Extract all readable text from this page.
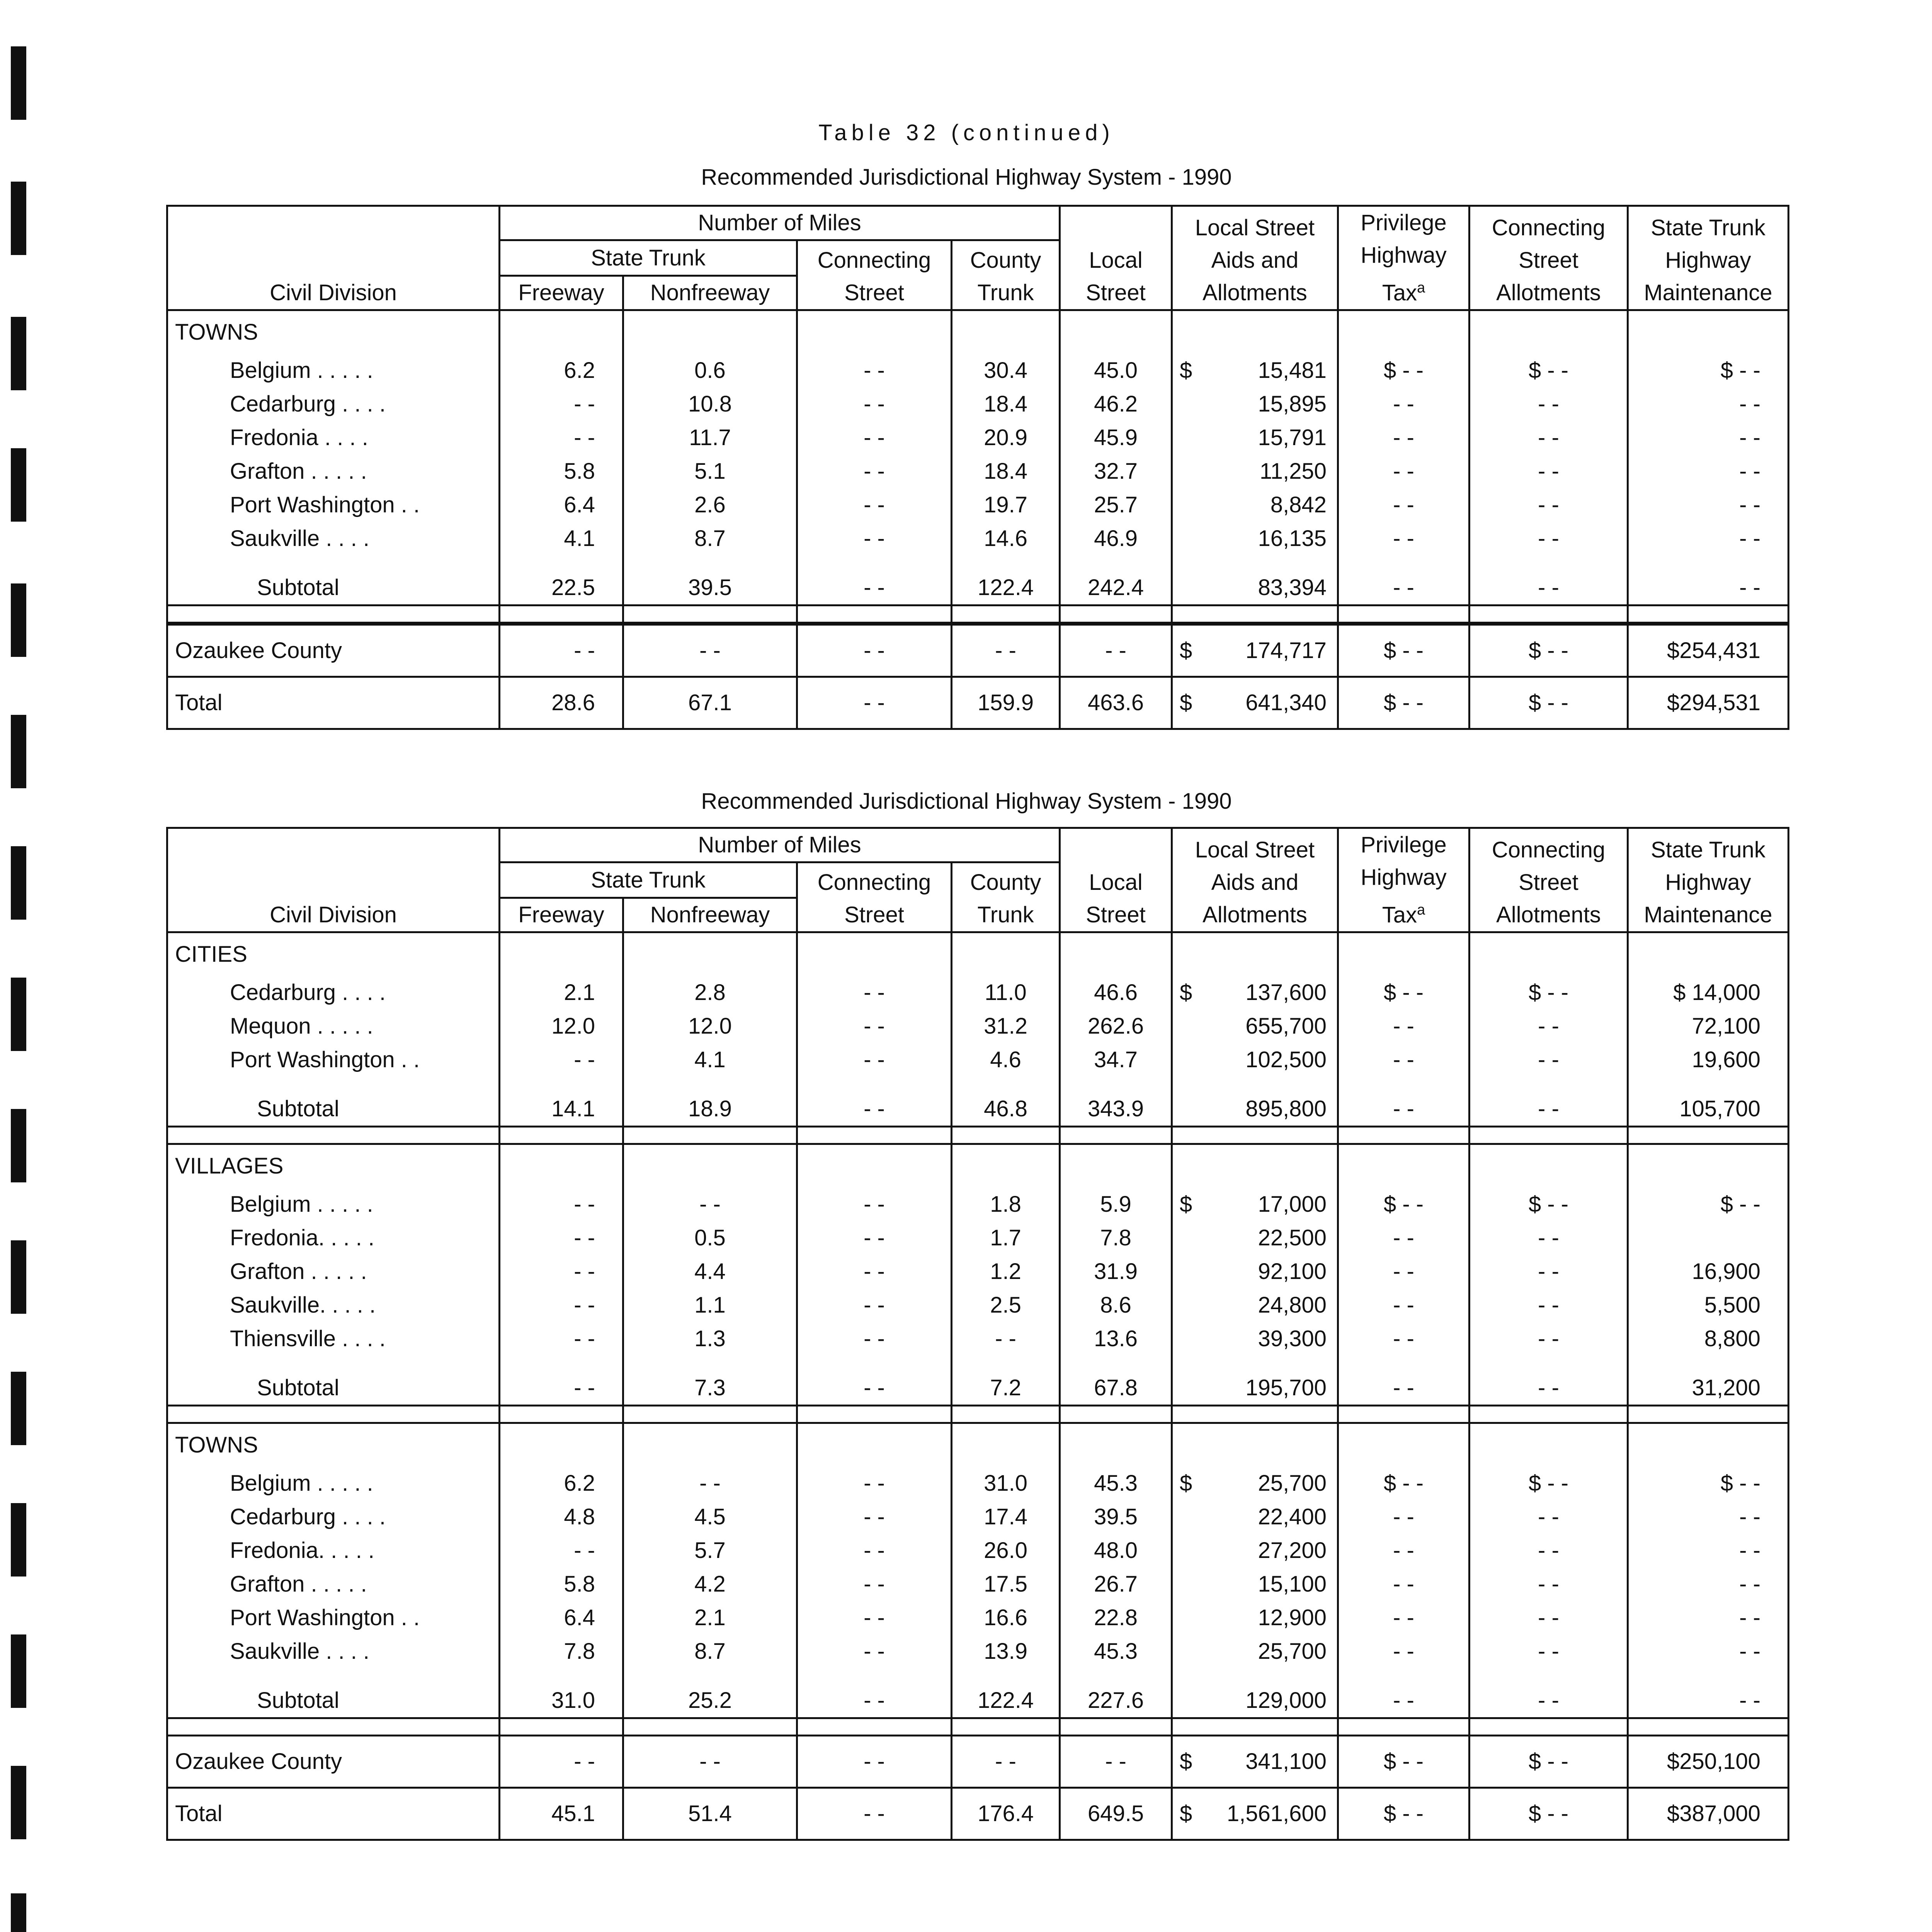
Table 32 (continued)
Recommended Jurisdictional Highway System - 1990
Civil Division	Number of Miles				Local Street	Local Street Aids and Allotments	Privilege Highway Tax$^a$	Connecting Street Allotments	State Trunk Highway Maintenance
	State Trunk		Connecting Street	County Trunk					
	Freeway	Nonfreeway							
TOWNS									
Belgium . . . . .	6.2	0.6	- -	30.4	45.0	$ 15,481	$ - -	$ - -	$ - -
Cedarburg . . . .	- -	10.8	- -	18.4	46.2	15,895	- -	- -	- -
Fredonia . . . .	- -	11.7	- -	20.9	45.9	15,791	- -	- -	- -
Grafton . . . . .	5.8	5.1	- -	18.4	32.7	11,250	- -	- -	- -
Port Washington . .	6.4	2.6	- -	19.7	25.7	8,842	- -	- -	- -
Saukville . . . .	4.1	8.7	- -	14.6	46.9	16,135	- -	- -	- -

Subtotal	22.5	39.5	- -	122.4	242.4	83,394	- -	- -	- -

Ozaukee County	- -	- -	- -	- -	- -	$ 174,717	$ - -	$ - -	$254,431
Total	28.6	67.1	- -	159.9	463.6	$ 641,340	$ - -	$ - -	$294,531
Recommended Jurisdictional Highway System - 1990
Civil Division	Number of Miles				Local Street	Local Street Aids and Allotments	Privilege Highway Tax$^a$	Connecting Street Allotments	State Trunk Highway Maintenance
	State Trunk		Connecting Street	County Trunk					
	Freeway	Nonfreeway							
CITIES									
Cedarburg . . . .	2.1	2.8	- -	11.0	46.6	$ 137,600	$ - -	$ - -	$ 14,000
Mequon . . . . .	12.0	12.0	- -	31.2	262.6	655,700	- -	- -	72,100
Port Washington . .	- -	4.1	- -	4.6	34.7	102,500	- -	- -	19,600

Subtotal	14.1	18.9	- -	46.8	343.9	895,800	- -	- -	105,700

VILLAGES									
Belgium . . . . .	- -	- -	- -	1.8	5.9	$ 17,000	$ - -	$ - -	$ - -
Fredonia. . . . .	- -	0.5	- -	1.7	7.8	22,500	- -	- -	
Grafton . . . . .	- -	4.4	- -	1.2	31.9	92,100	- -	- -	16,900
Saukville. . . . .	- -	1.1	- -	2.5	8.6	24,800	- -	- -	5,500
Thiensville . . . .	- -	1.3	- -	- -	13.6	39,300	- -	- -	8,800

Subtotal	- -	7.3	- -	7.2	67.8	195,700	- -	- -	31,200

TOWNS									
Belgium . . . . .	6.2	- -	- -	31.0	45.3	$ 25,700	$ - -	$ - -	$ - -
Cedarburg . . . .	4.8	4.5	- -	17.4	39.5	22,400	- -	- -	- -
Fredonia. . . . .	- -	5.7	- -	26.0	48.0	27,200	- -	- -	- -
Grafton . . . . .	5.8	4.2	- -	17.5	26.7	15,100	- -	- -	- -
Port Washington . .	6.4	2.1	- -	16.6	22.8	12,900	- -	- -	- -
Saukville . . . .	7.8	8.7	- -	13.9	45.3	25,700	- -	- -	- -

Subtotal	31.0	25.2	- -	122.4	227.6	129,000	- -	- -	- -

Ozaukee County	- -	- -	- -	- -	- -	$ 341,100	$ - -	$ - -	$250,100
Total	45.1	51.4	- -	176.4	649.5	$ 1,561,600	$ - -	$ - -	$387,000
